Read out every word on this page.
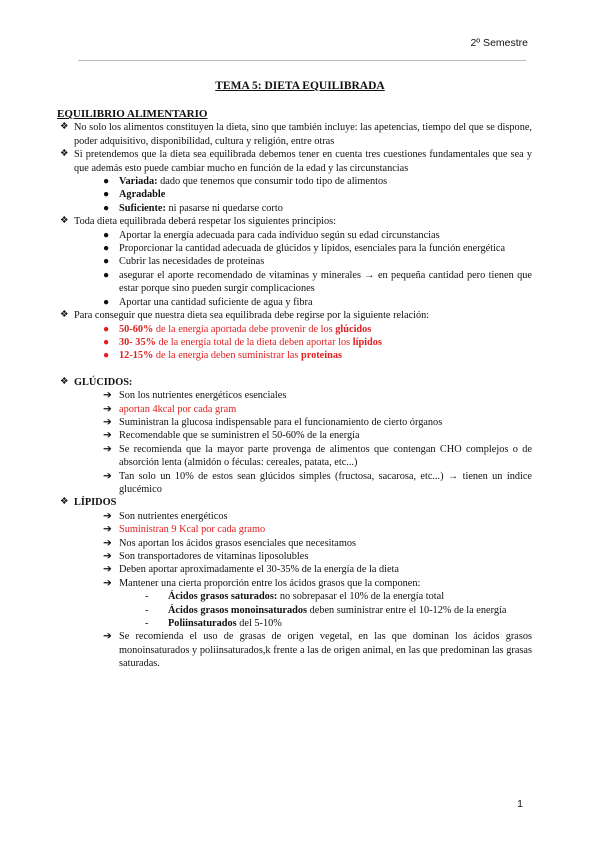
2º Semestre
TEMA 5: DIETA EQUILIBRADA

EQUILIBRIO ALIMENTARIO

❖ No solo los alimentos constituyen la dieta, sino que también incluye: las apetencias, tiempo del que se dispone, poder adquisitivo, disponibilidad, cultura y religión, entre otras
❖ Si pretendemos que la dieta sea equilibrada debemos tener en cuenta tres cuestiones fundamentales que sea y que además esto puede cambiar mucho en función de la edad y las circunstancias
● Variada: dado que tenemos que consumir todo tipo de alimentos
● Agradable
● Suficiente: ni pasarse ni quedarse corto
❖ Toda dieta equilibrada deberá respetar los siguientes principios:
● Aportar la energía adecuada para cada individuo según su edad circunstancias
● Proporcionar la cantidad adecuada de glúcidos y lípidos, esenciales para la función energética
● Cubrir las necesidades de proteínas
● asegurar el aporte recomendado de vitaminas y minerales → en pequeña cantidad pero tienen que estar porque sino pueden surgir complicaciones
● Aportar una cantidad suficiente de agua y fibra
❖ Para conseguir que nuestra dieta sea equilibrada debe regirse por la siguiente relación:
● 50-60% de la energía aportada debe provenir de los glúcidos
● 30- 35% de la energía total de la dieta deben aportar los lípidos
● 12-15% de la energía deben suministrar las proteínas
❖ GLÚCIDOS:
➔ Son los nutrientes energéticos esenciales
➔ aportan 4kcal por cada gram
➔ Suministran la glucosa indispensable para el funcionamiento de cierto órganos
➔ Recomendable que se suministren el 50-60% de la energía
➔ Se recomienda que la mayor parte provenga de alimentos que contengan CHO complejos o de absorción lenta (almidón o féculas: cereales, patata, etc...)
➔ Tan solo un 10% de estos sean glúcidos simples (fructosa, sacarosa, etc...) → tienen un índice glucémico
❖ LÍPIDOS
➔ Son nutrientes energéticos
➔ Suministran 9 Kcal por cada gramo
➔ Nos aportan los ácidos grasos esenciales que necesitamos
➔ Son transportadores de vitaminas liposolubles
➔ Deben aportar aproximadamente el 30-35% de la energía de la dieta
➔ Mantener una cierta proporción entre los ácidos grasos que la componen:
- Ácidos grasos saturados: no sobrepasar el 10% de la energía total
- Ácidos grasos monoinsaturados deben suministrar entre el 10-12% de la energía
- Poliinsaturados del 5-10%
➔ Se recomienda el uso de grasas de origen vegetal, en las que dominan los ácidos grasos monoinsaturados y poliinsaturados,k frente a las de origen animal, en las que predominan las grasas saturadas.
1
